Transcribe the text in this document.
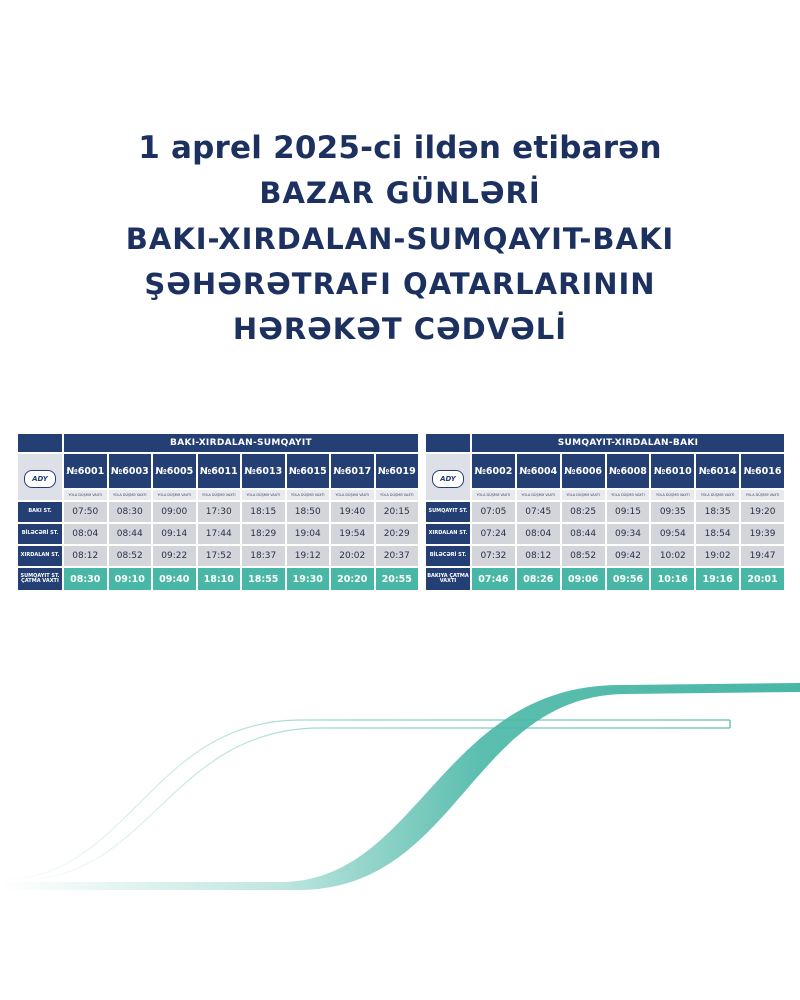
1 aprel 2025-ci ildən etibarən
BAZAR GÜNLƏRİ
BAKI-XIRDALAN-SUMQAYIT-BAKI
ŞƏHƏRƏTRAFI QATARLARININ
HƏRƏKƏT CƏDVƏLİ
	BAKI-XIRDALAN-SUMQAYIT							
ADY	№6001	№6003	№6005	№6011	№6013	№6015	№6017	№6019
	YOLA DÜŞMƏ VAXTI	YOLA DÜŞMƏ VAXTI	YOLA DÜŞMƏ VAXTI	YOLA DÜŞMƏ VAXTI	YOLA DÜŞMƏ VAXTI	YOLA DÜŞMƏ VAXTI	YOLA DÜŞMƏ VAXTI	YOLA DÜŞMƏ VAXTI
BAKI ST.	07:50	08:30	09:00	17:30	18:15	18:50	19:40	20:15
BİLƏCƏRİ ST.	08:04	08:44	09:14	17:44	18:29	19:04	19:54	20:29
XIRDALAN ST.	08:12	08:52	09:22	17:52	18:37	19:12	20:02	20:37
SUMQAYIT ST. ÇATMA VAXTI	08:30	09:10	09:40	18:10	18:55	19:30	20:20	20:55
	SUMQAYIT-XIRDALAN-BAKI						
ADY	№6002	№6004	№6006	№6008	№6010	№6014	№6016
	YOLA DÜŞMƏ VAXTI	YOLA DÜŞMƏ VAXTI	YOLA DÜŞMƏ VAXTI	YOLA DÜŞMƏ VAXTI	YOLA DÜŞMƏ VAXTI	YOLA DÜŞMƏ VAXTI	YOLA DÜŞMƏ VAXTI
SUMQAYIT ST.	07:05	07:45	08:25	09:15	09:35	18:35	19:20
XIRDALAN ST.	07:24	08:04	08:44	09:34	09:54	18:54	19:39
BİLƏCƏRİ ST.	07:32	08:12	08:52	09:42	10:02	19:02	19:47
BAKIYA ÇATMA VAXTI	07:46	08:26	09:06	09:56	10:16	19:16	20:01
